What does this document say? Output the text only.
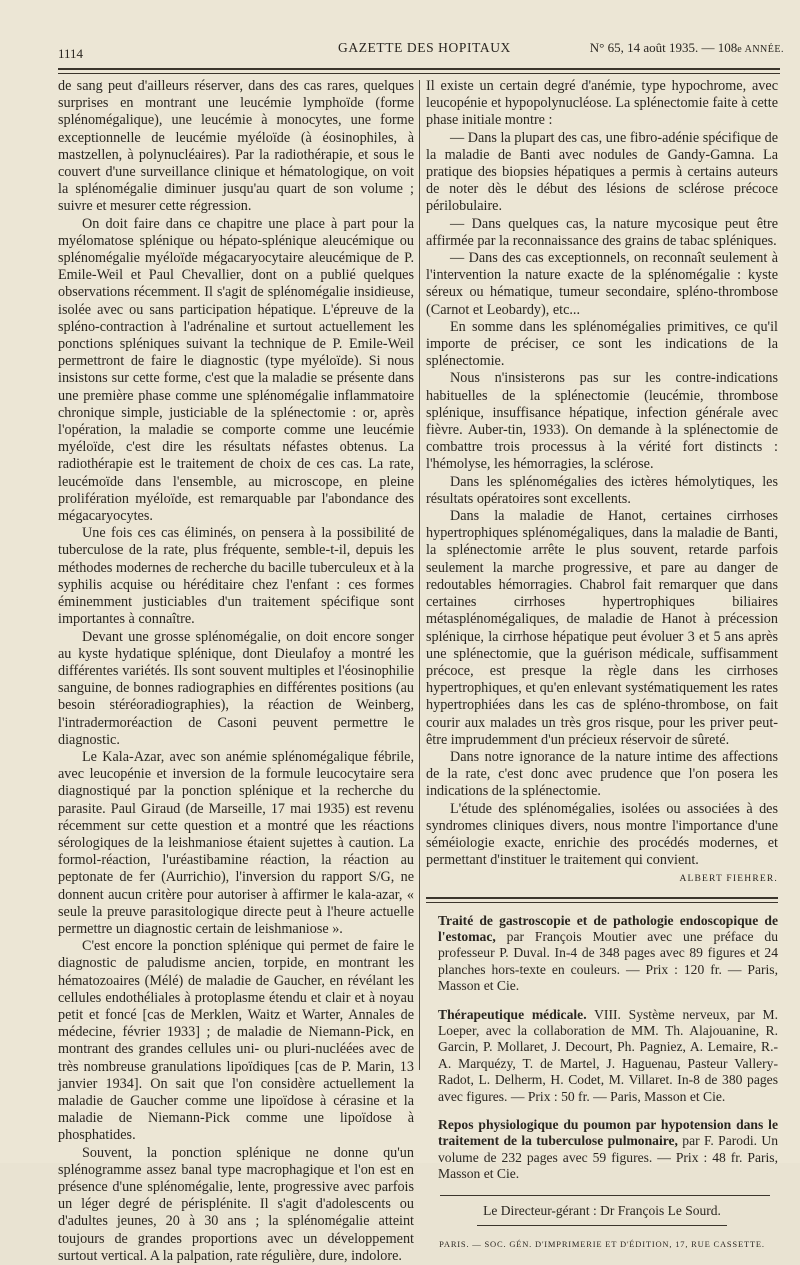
1114	GAZETTE DES HOPITAUX	N° 65, 14 août 1935. — 108e ANNÉE.

de sang peut d'ailleurs réserver, dans des cas rares, quelques surprises en montrant une leucémie lymphoïde (forme splénomégalique), une leucémie à monocytes, une forme exceptionnelle de leucémie myéloïde (à éosinophiles, à mastzellen, à polynucléaires). Par la radiothérapie, et sous le couvert d'une surveillance clinique et hématologique, on voit la splénomégalie diminuer jusqu'au quart de son volume ; suivre et mesurer cette régression.

On doit faire dans ce chapitre une place à part pour la myélomatose splénique ou hépato-splénique aleucémique ou splénomégalie myéloïde mégacaryocytaire aleucémique de P. Emile-Weil et Paul Chevallier, dont on a publié quelques observations récemment. Il s'agit de splénomégalie insidieuse, isolée avec ou sans participation hépatique. L'épreuve de la spléno-contraction à l'adrénaline et surtout actuellement les ponctions spléniques suivant la technique de P. Emile-Weil permettront de faire le diagnostic (type myéloïde). Si nous insistons sur cette forme, c'est que la maladie se présente dans une première phase comme une splénomégalie inflammatoire chronique simple, justiciable de la splénectomie : or, après l'opération, la maladie se comporte comme une leucémie myéloïde, c'est dire les résultats néfastes obtenus. La radiothérapie est le traitement de choix de ces cas. La rate, leucémoïde dans l'ensemble, au microscope, en pleine prolifération myéloïde, est remarquable par l'abondance des mégacaryocytes.

Une fois ces cas éliminés, on pensera à la possibilité de tuberculose de la rate, plus fréquente, semble-t-il, depuis les méthodes modernes de recherche du bacille tuberculeux et à la syphilis acquise ou héréditaire chez l'enfant : ces formes éminemment justiciables d'un traitement spécifique sont importantes à connaître.

Devant une grosse splénomégalie, on doit encore songer au kyste hydatique splénique, dont Dieulafoy a montré les différentes variétés. Ils sont souvent multiples et l'éosinophilie sanguine, de bonnes radiographies en différentes positions (au besoin stéréoradiographies), la réaction de Weinberg, l'intradermoréaction de Casoni peuvent permettre le diagnostic.

Le Kala-Azar, avec son anémie splénomégalique fébrile, avec leucopénie et inversion de la formule leucocytaire sera diagnostiqué par la ponction splénique et la recherche du parasite. Paul Giraud (de Marseille, 17 mai 1935) est revenu récemment sur cette question et a montré que les réactions sérologiques de la leishmaniose étaient sujettes à caution. La formol-réaction, l'uréastibamine réaction, la réaction au peptonate de fer (Aurrichio), l'inversion du rapport S/G, ne donnent aucun critère pour autoriser à affirmer le kala-azar, « seule la preuve parasitologique directe peut à l'heure actuelle permettre un diagnostic certain de leishmaniose ».

C'est encore la ponction splénique qui permet de faire le diagnostic de paludisme ancien, torpide, en montrant les hématozoaires (Mélé) de maladie de Gaucher, en révélant les cellules endothéliales à protoplasme étendu et clair et à noyau petit et foncé [cas de Merklen, Waitz et Warter, Annales de médecine, février 1933] ; de maladie de Niemann-Pick, en montrant des grandes cellules uni- ou pluri-nucléées avec de très nombreuse granulations lipoïdiques [cas de P. Marin, 13 janvier 1934]. On sait que l'on considère actuellement la maladie de Gaucher comme une lipoïdose à cérasine et la maladie de Niemann-Pick comme une lipoïdose à phosphatides.

Souvent, la ponction splénique ne donne qu'un splénogramme assez banal type macrophagique et l'on est en présence d'une splénomégalie, lente, progressive avec parfois un léger degré de périsplénite. Il s'agit d'adolescents ou d'adultes jeunes, 20 à 30 ans ; la splénomégalie atteint toujours de grandes proportions avec un développement surtout vertical. A la palpation, rate régulière, dure, indolore.

Il existe un certain degré d'anémie, type hypochrome, avec leucopénie et hypopolynucléose. La splénectomie faite à cette phase initiale montre :

— Dans la plupart des cas, une fibro-adénie spécifique de la maladie de Banti avec nodules de Gandy-Gamna. La pratique des biopsies hépatiques a permis à certains auteurs de noter dès le début des lésions de sclérose précoce périlobulaire.

— Dans quelques cas, la nature mycosique peut être affirmée par la reconnaissance des grains de tabac spléniques.

— Dans des cas exceptionnels, on reconnaît seulement à l'intervention la nature exacte de la splénomégalie : kyste séreux ou hématique, tumeur secondaire, spléno-thrombose (Carnot et Leobardy), etc...

En somme dans les splénomégalies primitives, ce qu'il importe de préciser, ce sont les indications de la splénectomie.

Nous n'insisterons pas sur les contre-indications habituelles de la splénectomie (leucémie, thrombose splénique, insuffisance hépatique, infection générale avec fièvre. Auber-tin, 1933). On demande à la splénectomie de combattre trois processus à la vérité fort distincts : l'hémolyse, les hémorragies, la sclérose.

Dans les splénomégalies des ictères hémolytiques, les résultats opératoires sont excellents.

Dans la maladie de Hanot, certaines cirrhoses hypertrophiques splénomégaliques, dans la maladie de Banti, la splénectomie arrête le plus souvent, retarde parfois seulement la marche progressive, et pare au danger de redoutables hémorragies. Chabrol fait remarquer que dans certaines cirrhoses hypertrophiques biliaires métasplénomégaliques, de maladie de Hanot à précession splénique, la cirrhose hépatique peut évoluer 3 et 5 ans après une splénectomie, que la guérison médicale, suffisamment précoce, est presque la règle dans les cirrhoses hypertrophiques, et qu'en enlevant systématiquement les rates hypertrophiées dans les cas de spléno-thrombose, on fait courir aux malades un très gros risque, pour les priver peut-être imprudemment d'un précieux réservoir de sûreté.

Dans notre ignorance de la nature intime des affections de la rate, c'est donc avec prudence que l'on posera les indications de la splénectomie.

L'étude des splénomégalies, isolées ou associées à des syndromes cliniques divers, nous montre l'importance d'une séméiologie exacte, enrichie des procédés modernes, et permettant d'instituer le traitement qui convient.

ALBERT FIEHRER.

Traité de gastroscopie et de pathologie endoscopique de l'estomac, par François Moutier avec une préface du professeur P. Duval. In-4 de 348 pages avec 89 figures et 24 planches hors-texte en couleurs. — Prix : 120 fr. — Paris, Masson et Cie.

Thérapeutique médicale. VIII. Système nerveux, par M. Loeper, avec la collaboration de MM. Th. Alajouanine, R. Garcin, P. Mollaret, J. Decourt, Ph. Pagniez, A. Lemaire, R.-A. Marquézy, T. de Martel, J. Haguenau, Pasteur Vallery-Radot, L. Delherm, H. Codet, M. Villaret. In-8 de 380 pages avec figures. — Prix : 50 fr. — Paris, Masson et Cie.

Repos physiologique du poumon par hypotension dans le traitement de la tuberculose pulmonaire, par F. Parodi. Un volume de 232 pages avec 59 figures. — Prix : 48 fr. Paris, Masson et Cie.

Le Directeur-gérant : Dr François Le Sourd.

PARIS. — SOC. GÉN. D'IMPRIMERIE ET D'ÉDITION, 17, RUE CASSETTE.
